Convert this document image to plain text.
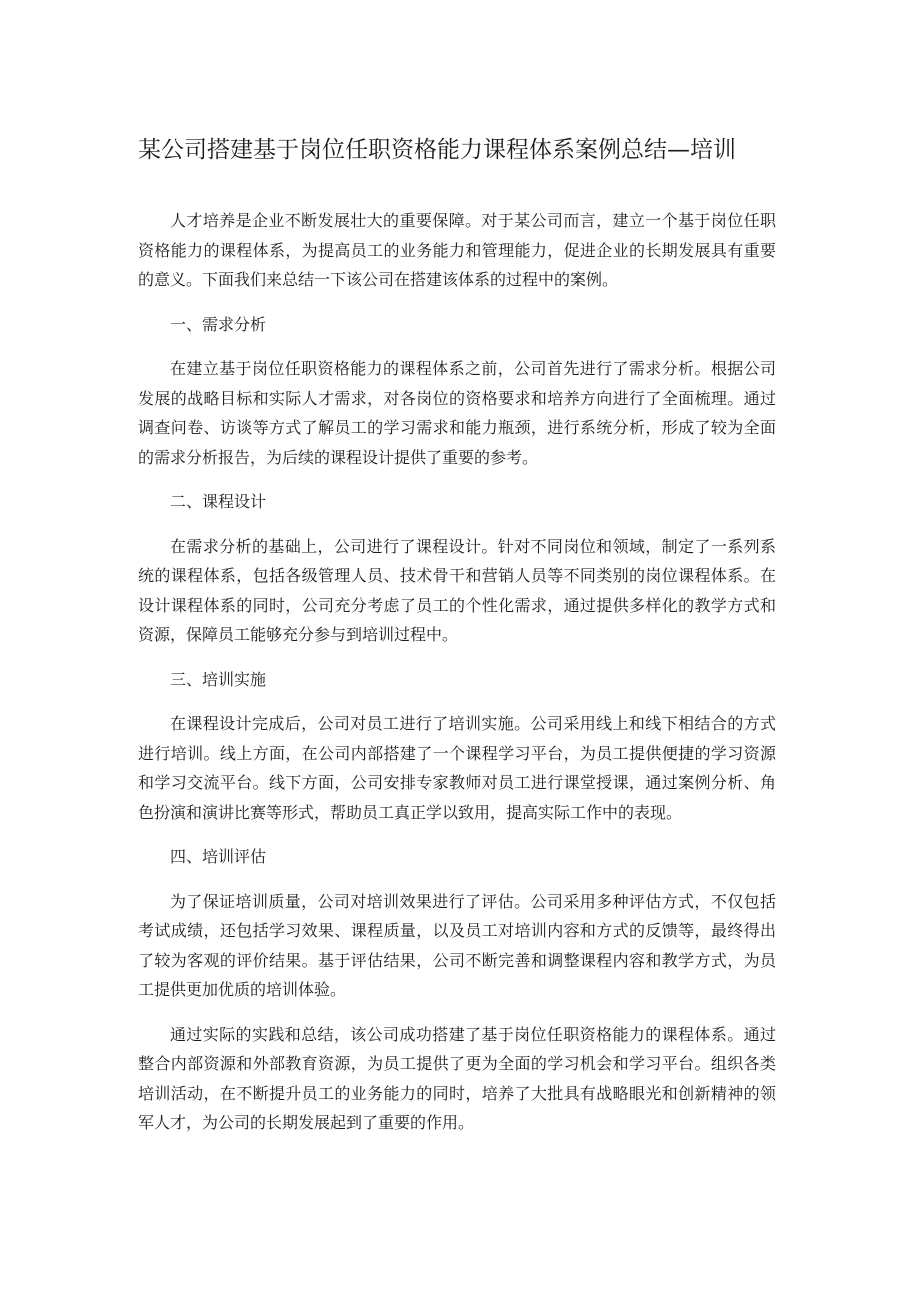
某公司搭建基于岗位任职资格能力课程体系案例总结—培训

人才培养是企业不断发展壮大的重要保障。对于某公司而言，建立一个基于岗位任职资格能力的课程体系，为提高员工的业务能力和管理能力，促进企业的长期发展具有重要的意义。下面我们来总结一下该公司在搭建该体系的过程中的案例。

一、需求分析

在建立基于岗位任职资格能力的课程体系之前，公司首先进行了需求分析。根据公司发展的战略目标和实际人才需求，对各岗位的资格要求和培养方向进行了全面梳理。通过调查问卷、访谈等方式了解员工的学习需求和能力瓶颈，进行系统分析，形成了较为全面的需求分析报告，为后续的课程设计提供了重要的参考。

二、课程设计

在需求分析的基础上，公司进行了课程设计。针对不同岗位和领域，制定了一系列系统的课程体系，包括各级管理人员、技术骨干和营销人员等不同类别的岗位课程体系。在设计课程体系的同时，公司充分考虑了员工的个性化需求，通过提供多样化的教学方式和资源，保障员工能够充分参与到培训过程中。

三、培训实施

在课程设计完成后，公司对员工进行了培训实施。公司采用线上和线下相结合的方式进行培训。线上方面，在公司内部搭建了一个课程学习平台，为员工提供便捷的学习资源和学习交流平台。线下方面，公司安排专家教师对员工进行课堂授课，通过案例分析、角色扮演和演讲比赛等形式，帮助员工真正学以致用，提高实际工作中的表现。

四、培训评估

为了保证培训质量，公司对培训效果进行了评估。公司采用多种评估方式，不仅包括考试成绩，还包括学习效果、课程质量，以及员工对培训内容和方式的反馈等，最终得出了较为客观的评价结果。基于评估结果，公司不断完善和调整课程内容和教学方式，为员工提供更加优质的培训体验。

通过实际的实践和总结，该公司成功搭建了基于岗位任职资格能力的课程体系。通过整合内部资源和外部教育资源，为员工提供了更为全面的学习机会和学习平台。组织各类培训活动，在不断提升员工的业务能力的同时，培养了大批具有战略眼光和创新精神的领军人才，为公司的长期发展起到了重要的作用。
